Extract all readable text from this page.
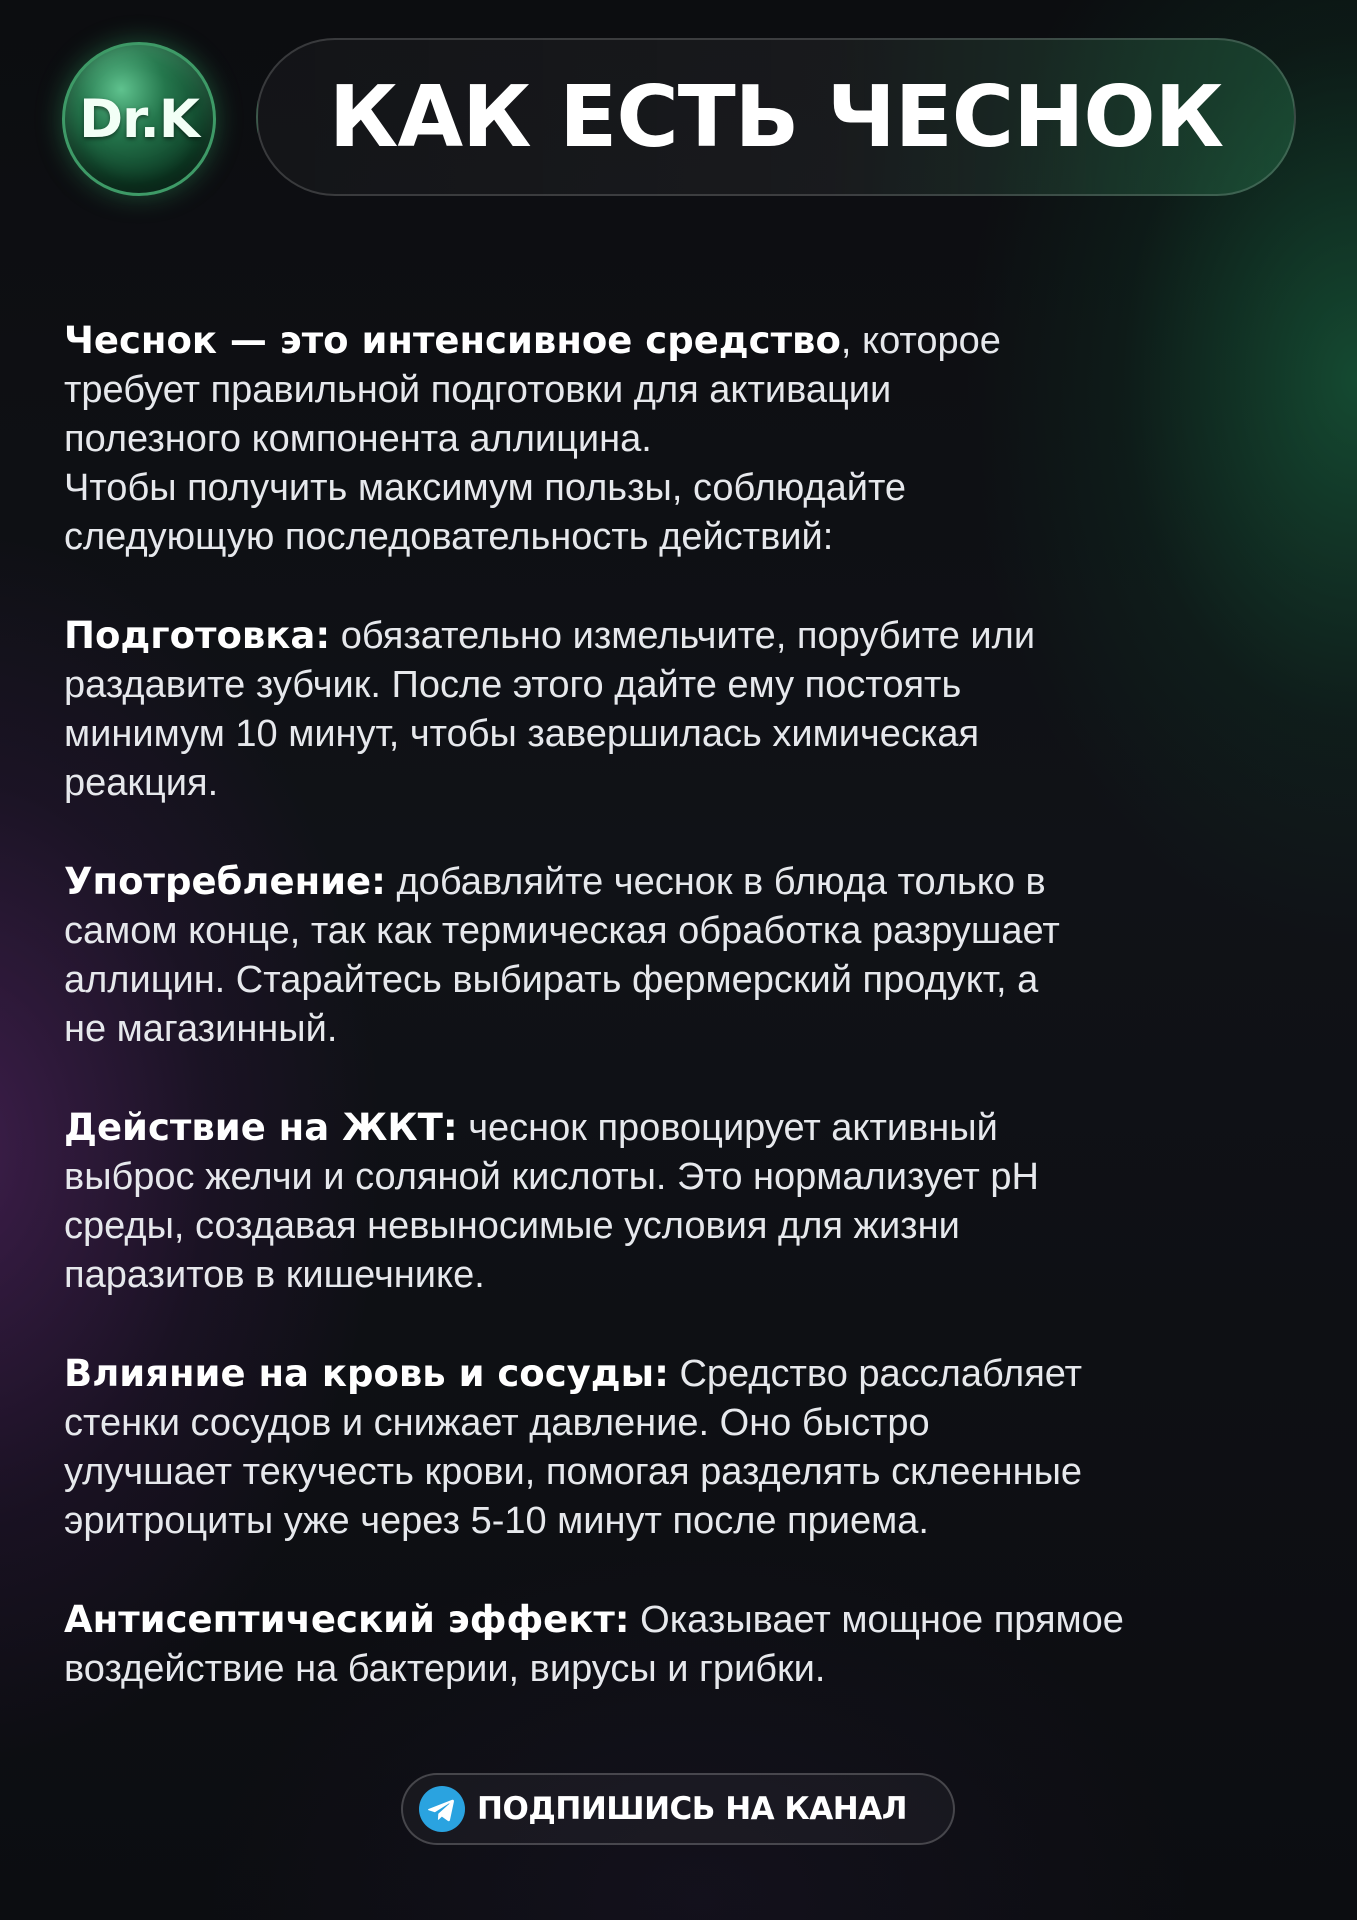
Dr.K КАК ЕСТЬ ЧЕСНОК

Чеснок — это интенсивное средство, которое
требует правильной подготовки для активации
полезного компонента аллицина.
Чтобы получить максимум пользы, соблюдайте
следующую последовательность действий:

Подготовка: обязательно измельчите, порубите или
раздавите зубчик. После этого дайте ему постоять
минимум 10 минут, чтобы завершилась химическая
реакция.

Употребление: добавляйте чеснок в блюда только в
самом конце, так как термическая обработка разрушает
аллицин. Старайтесь выбирать фермерский продукт, а
не магазинный.

Действие на ЖКТ: чеснок провоцирует активный
выброс желчи и соляной кислоты. Это нормализует pH
среды, создавая невыносимые условия для жизни
паразитов в кишечнике.

Влияние на кровь и сосуды: Средство расслабляет
стенки сосудов и снижает давление. Оно быстро
улучшает текучесть крови, помогая разделять склеенные
эритроциты уже через 5-10 минут после приема.

Антисептический эффект: Оказывает мощное прямое
воздействие на бактерии, вирусы и грибки.

ПОДПИШИСЬ НА КАНАЛ
